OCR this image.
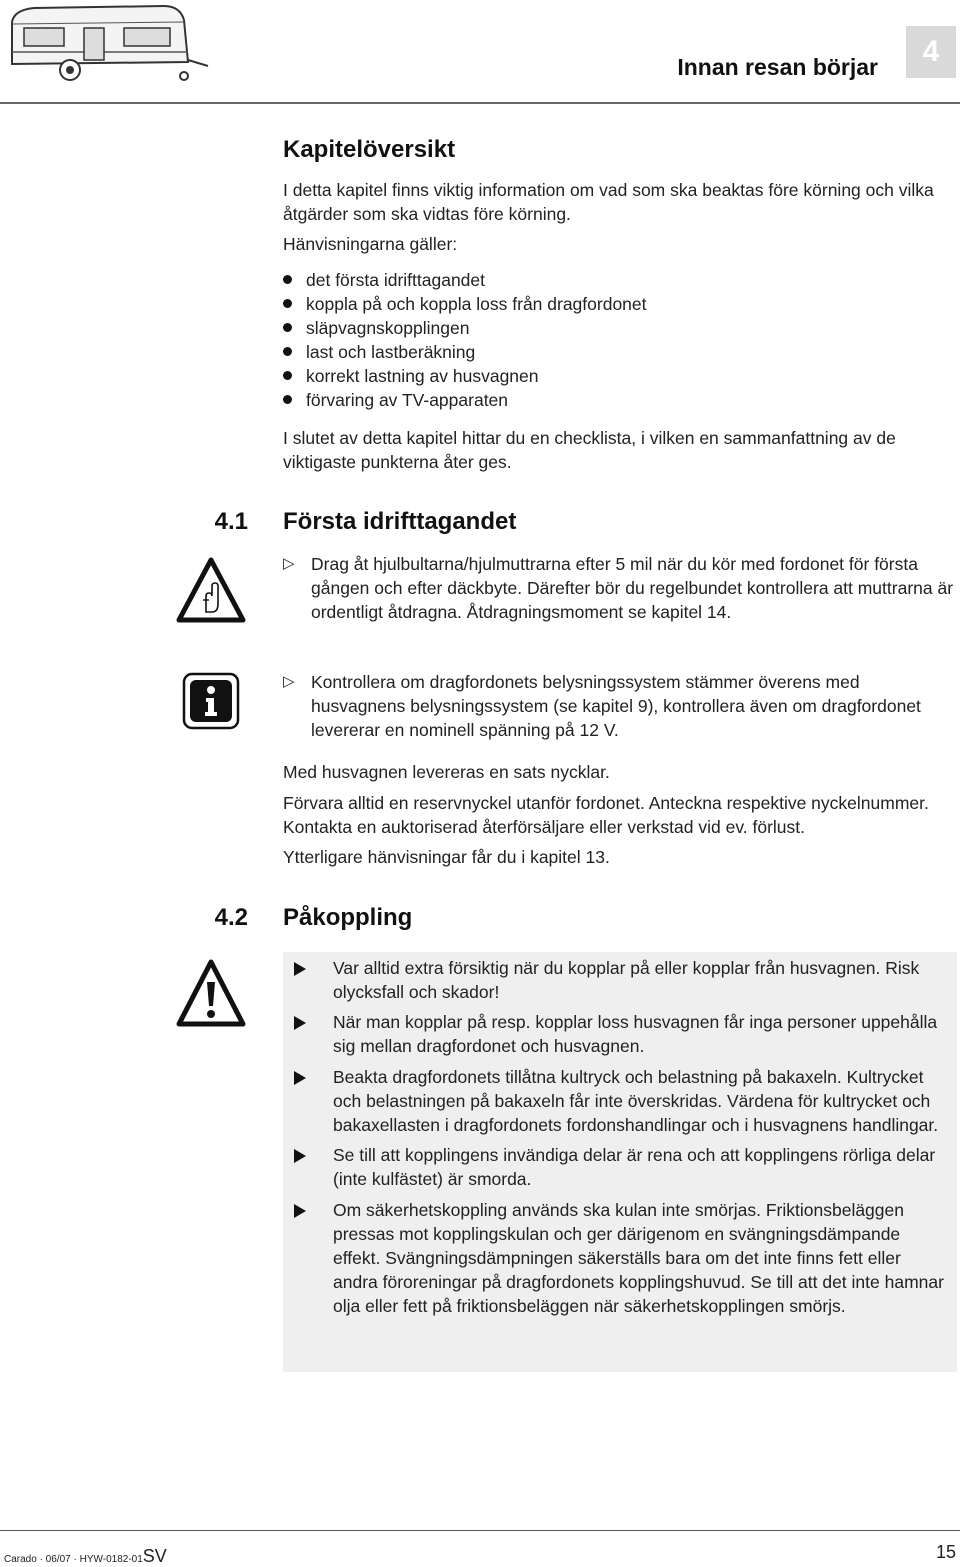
Innan resan börjar	4
Kapitelöversikt
I detta kapitel finns viktig information om vad som ska beaktas före körning och vilka åtgärder som ska vidtas före körning.
Hänvisningarna gäller:
det första idrifttagandet
koppla på och koppla loss från dragfordonet
släpvagnskopplingen
last och lastberäkning
korrekt lastning av husvagnen
förvaring av TV-apparaten
I slutet av detta kapitel hittar du en checklista, i vilken en sammanfattning av de viktigaste punkterna åter ges.
4.1 Första idrifttagandet
▷ Drag åt hjulbultarna/hjulmuttrarna efter 5 mil när du kör med fordonet för första gången och efter däckbyte. Därefter bör du regelbundet kontrollera att muttrarna är ordentligt åtdragna. Åtdragningsmoment se kapitel 14.
▷ Kontrollera om dragfordonets belysningssystem stämmer överens med husvagnens belysningssystem (se kapitel 9), kontrollera även om dragfordonet levererar en nominell spänning på 12 V.
Med husvagnen levereras en sats nycklar.
Förvara alltid en reservnyckel utanför fordonet. Anteckna respektive nyckelnummer. Kontakta en auktoriserad återförsäljare eller verkstad vid ev. förlust.
Ytterligare hänvisningar får du i kapitel 13.
4.2 Påkoppling
Var alltid extra försiktig när du kopplar på eller kopplar från husvagnen. Risk olycksfall och skador!
När man kopplar på resp. kopplar loss husvagnen får inga personer uppehålla sig mellan dragfordonet och husvagnen.
Beakta dragfordonets tillåtna kultryck och belastning på bakaxeln. Kultrycket och belastningen på bakaxeln får inte överskridas. Värdena för kultrycket och bakaxellasten i dragfordonets fordonshandlingar och i husvagnens handlingar.
Se till att kopplingens invändiga delar är rena och att kopplingens rörliga delar (inte kulfästet) är smorda.
Om säkerhetskoppling används ska kulan inte smörjas. Friktionsbeläggen pressas mot kopplingskulan och ger därigenom en svängningsdämpande effekt. Svängningsdämpningen säkerställs bara om det inte finns fett eller andra föroreningar på dragfordonets kopplingshuvud. Se till att det inte hamnar olja eller fett på friktionsbeläggen när säkerhetskopplingen smörjs.
Carado · 06/07 · HYW-0182-01SV	15
